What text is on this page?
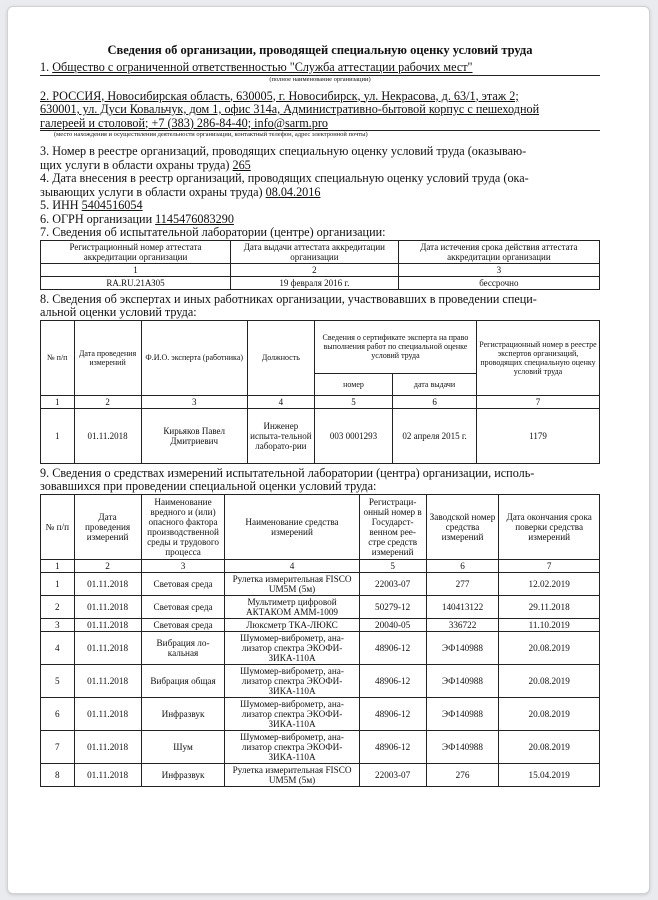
Сведения об организации, проводящей специальную оценку условий труда
1. Общество с ограниченной ответственностью "Служба аттестации рабочих мест"
(полное наименование организации)
2. РОССИЯ, Новосибирская область, 630005, г. Новосибирск, ул. Некрасова, д. 63/1, этаж 2;
630001, ул. Дуси Ковальчук, дом 1, офис 314а, Административно-бытовой корпус с пешеходной
галереей и столовой; +7 (383) 286-84-40; info@sarm.pro
(место нахождения и осуществления деятельности организации, контактный телефон, адрес электронной почты)
3. Номер в реестре организаций, проводящих специальную оценку условий труда (оказываю-
щих услуги в области охраны труда) 265
4. Дата внесения в реестр организаций, проводящих специальную оценку условий труда (ока-
зывающих услуги в области охраны труда) 08.04.2016
5. ИНН 5404516054
6. ОГРН организации 1145476083290
7. Сведения об испытательной лаборатории (центре) организации:
Регистрационный номер аттестата аккредитации организации	Дата выдачи аттестата аккредитации организации	Дата истечения срока действия аттестата аккредитации организации
1	2	3
RA.RU.21АЗ05	19 февраля 2016 г.	бессрочно
8. Сведения об экспертах и иных работниках организации, участвовавших в проведении специ-
альной оценки условий труда:
№ п/п	Дата проведения измерений	Ф.И.О. эксперта (работника)	Должность	Сведения о сертификате эксперта на право выполнения работ по специальной оценке условий труда		Регистрационный номер в реестре экспертов организаций, проводящих специальную оценку условий труда
				номер	дата выдачи	
1	2	3	4	5	6	7
1	01.11.2018	Кирьяков Павел Дмитриевич	Инженер испыта-тельной лаборато-рии	003 0001293	02 апреля 2015 г.	1179
9. Сведения о средствах измерений испытательной лаборатории (центра) организации, исполь-
зовавшихся при проведении специальной оценки условий труда:
№ п/п	Дата проведения измерений	Наименование вредного и (или) опасного фактора производственной среды и трудового процесса	Наименование средства измерений	Регистраци-онный номер в Государст-венном рее-стре средств измерений	Заводской номер средства измерений	Дата окончания срока поверки средства измерений
1	2	3	4	5	6	7
1	01.11.2018	Световая среда	Рулетка измерительная FISCO UM5M (5м)	22003-07	277	12.02.2019
2	01.11.2018	Световая среда	Мультиметр цифровой АКТАКОМ АММ-1009	50279-12	140413122	29.11.2018
3	01.11.2018	Световая среда	Люксметр ТКА-ЛЮКС	20040-05	336722	11.10.2019
4	01.11.2018	Вибрация ло-кальная	Шумомер-виброметр, ана-лизатор спектра ЭКОФИ-ЗИКА-110А	48906-12	ЭФ140988	20.08.2019
5	01.11.2018	Вибрация общая	Шумомер-виброметр, ана-лизатор спектра ЭКОФИ-ЗИКА-110А	48906-12	ЭФ140988	20.08.2019
6	01.11.2018	Инфразвук	Шумомер-виброметр, ана-лизатор спектра ЭКОФИ-ЗИКА-110А	48906-12	ЭФ140988	20.08.2019
7	01.11.2018	Шум	Шумомер-виброметр, ана-лизатор спектра ЭКОФИ-ЗИКА-110А	48906-12	ЭФ140988	20.08.2019
8	01.11.2018	Инфразвук	Рулетка измерительная FISCO UM5M (5м)	22003-07	276	15.04.2019
